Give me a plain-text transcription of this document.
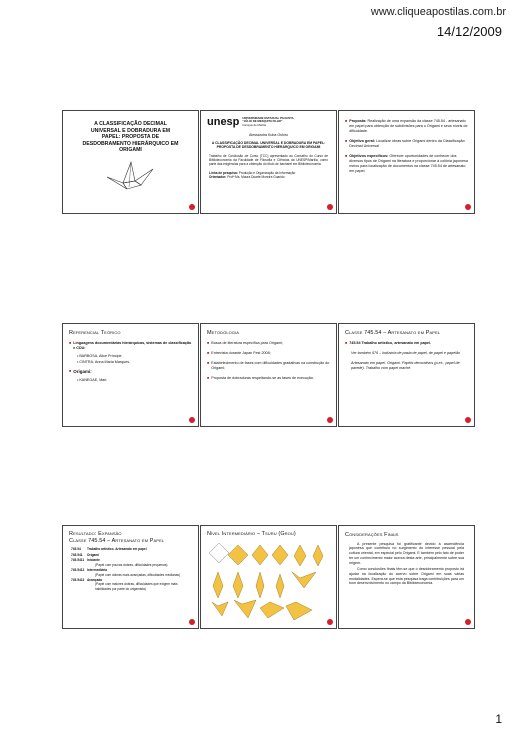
www.cliqueapostilas.com.br
14/12/2009
A CLASSIFICAÇÃO DECIMAL UNIVERSAL E DOBRADURA EM PAPEL: PROPOSTA DE DESDOBRAMENTO HIERÁRQUICO EM ORIGAMI
unesp UNIVERSIDADE ESTADUAL PAULISTA
"JÚLIO DE MESQUITA FILHO"
Campus de Marília
Alessandra Kuba Oshiro
A CLASSIFICAÇÃO DECIMAL UNIVERSAL E DOBRADURA EM PAPEL: PROPOSTA DE DESDOBRAMENTO HIERÁRQUICO EM ORIGAMI
Trabalho de Conclusão de Curso (TCC) apresentado ao Conselho do Curso de Biblioteconomia da Faculdade de Filosofia e Ciências da UNESP/Marília, como parte das exigências para a obtenção do título de bacharel em Biblioteconomia.
Linha de pesquisa: Produção e Organização da Informação
Orientador: Profª Ms. Maura Duarte Moreira Guarido
■ Proposta: Realização de uma expansão da classe 745.54 - artesanato em papel para obtenção de subdivisões para o Origami e seus níveis de dificuldade.
■ Objetivo geral: Localizar obras sobre Origami dentro da Classificação Decimal Universal
■ Objetivos específicos: Oferecer oportunidades de conhecer dos diversos tipos de Origami na literatura e proporcionar à colônia japonesa meios para localização de documentos na classe 745.54 de artesanato em papel.
Referencial Teórico
■ Linguagens documentárias hierárquicas, sistemas de classificação e CDU:
• BARBOSA, Alice Príncipe.
• CINTRA, Anna Maria Marques.
■ Origami:
• KANEGAE, Mari.
Metodologia
■ Busca de literatura específica para Origami;
■ Entrevista durante Japan Fest 2008;
■ Estabelecimento de fases com dificuldades gradativas na construção do Origami;
■ Proposta de dobraduras respeitando-se as fases de execução.
Classe 745.54 – Artesanato em Papel
■ 745.54 Trabalho artístico, artesanato em papel.
Ver também 676 – Indústria de pasta de papel, de papel e papelão
Artesanato em papel. Origami. Papéis decorativos (p.ex., papel de parede). Trabalho com papel maché.
Resultado: Expansão
Classe 745.54 – Artesanato em Papel
745.54	Trabalho artístico. Artesanato em papel
745.541 Origami
745.5411 Iniciante
(Papel com poucas dobras, dificuldades pequenas)
745.5412 Intermediária
(Papel com dobras mais avançadas, dificuldades medianas)
745.5413 Avançada
(Papel com maiores dobras, dificuldades que exigem mais habilidades por parte do origamista)
Nível Intermediário – Tsuru (Grou)	Considerações Finais
A presente pesquisa foi gratificante devido à ascendência japonesa que contribuiu no surgimento do interesse pessoal pela cultura oriental, em especial pelo Origami. E também pelo fato de poder ter um conhecimento maior acerca desta arte, principalmente sobre sua origem.
Como conclusões finais têm-se que o desdobramento proposto irá ajudar na localização do acervo sobre Origami em suas várias modalidades. Espera-se que esta pesquisa traga contribuições para um bom desenvolvimento no campo da Biblioteconomia.
1
